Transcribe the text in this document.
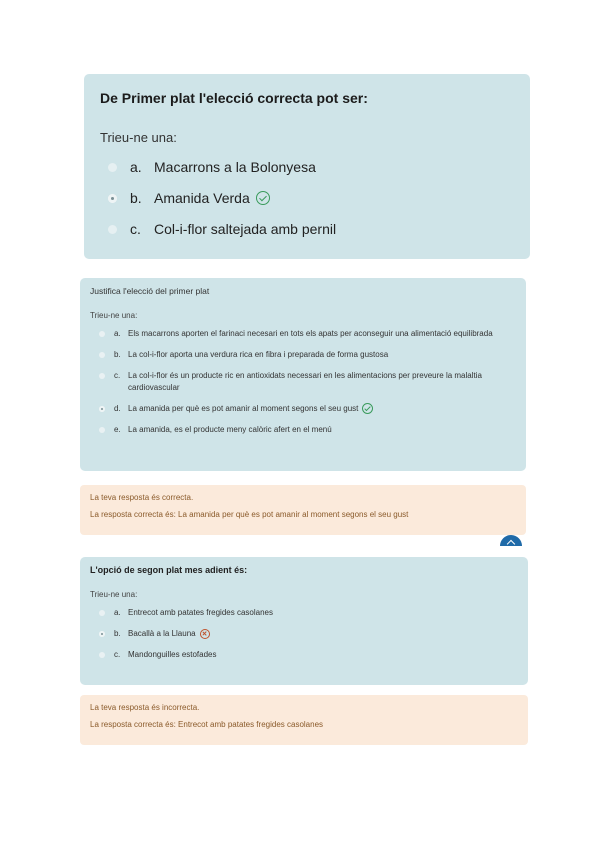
De Primer plat l'elecció correcta pot ser:
Trieu-ne una:
a. Macarrons a la Bolonyesa
b. Amanida Verda
c. Col-i-flor saltejada amb pernil
Justifica l'elecció del primer plat
Trieu-ne una:
a. Els macarrons aporten el farinaci necesari en tots els apats per aconseguir una alimentació equilibrada
b. La col-i-flor aporta una verdura rica en fibra i preparada de forma gustosa
c. La col-i-flor és un producte ric en antioxidats necessari en les alimentacions per preveure la malaltia cardiovascular
d. La amanida per què es pot amanir al moment segons el seu gust
e. La amanida, es el producte meny calòric afert en el menú
La teva resposta és correcta.
La resposta correcta és: La amanida per què es pot amanir al moment segons el seu gust
L'opció de segon plat mes adient és:
Trieu-ne una:
a. Entrecot amb patates fregides casolanes
b. Bacallà a la Llauna
c. Mandonguilles estofades
La teva resposta és incorrecta.
La resposta correcta és: Entrecot amb patates fregides casolanes
